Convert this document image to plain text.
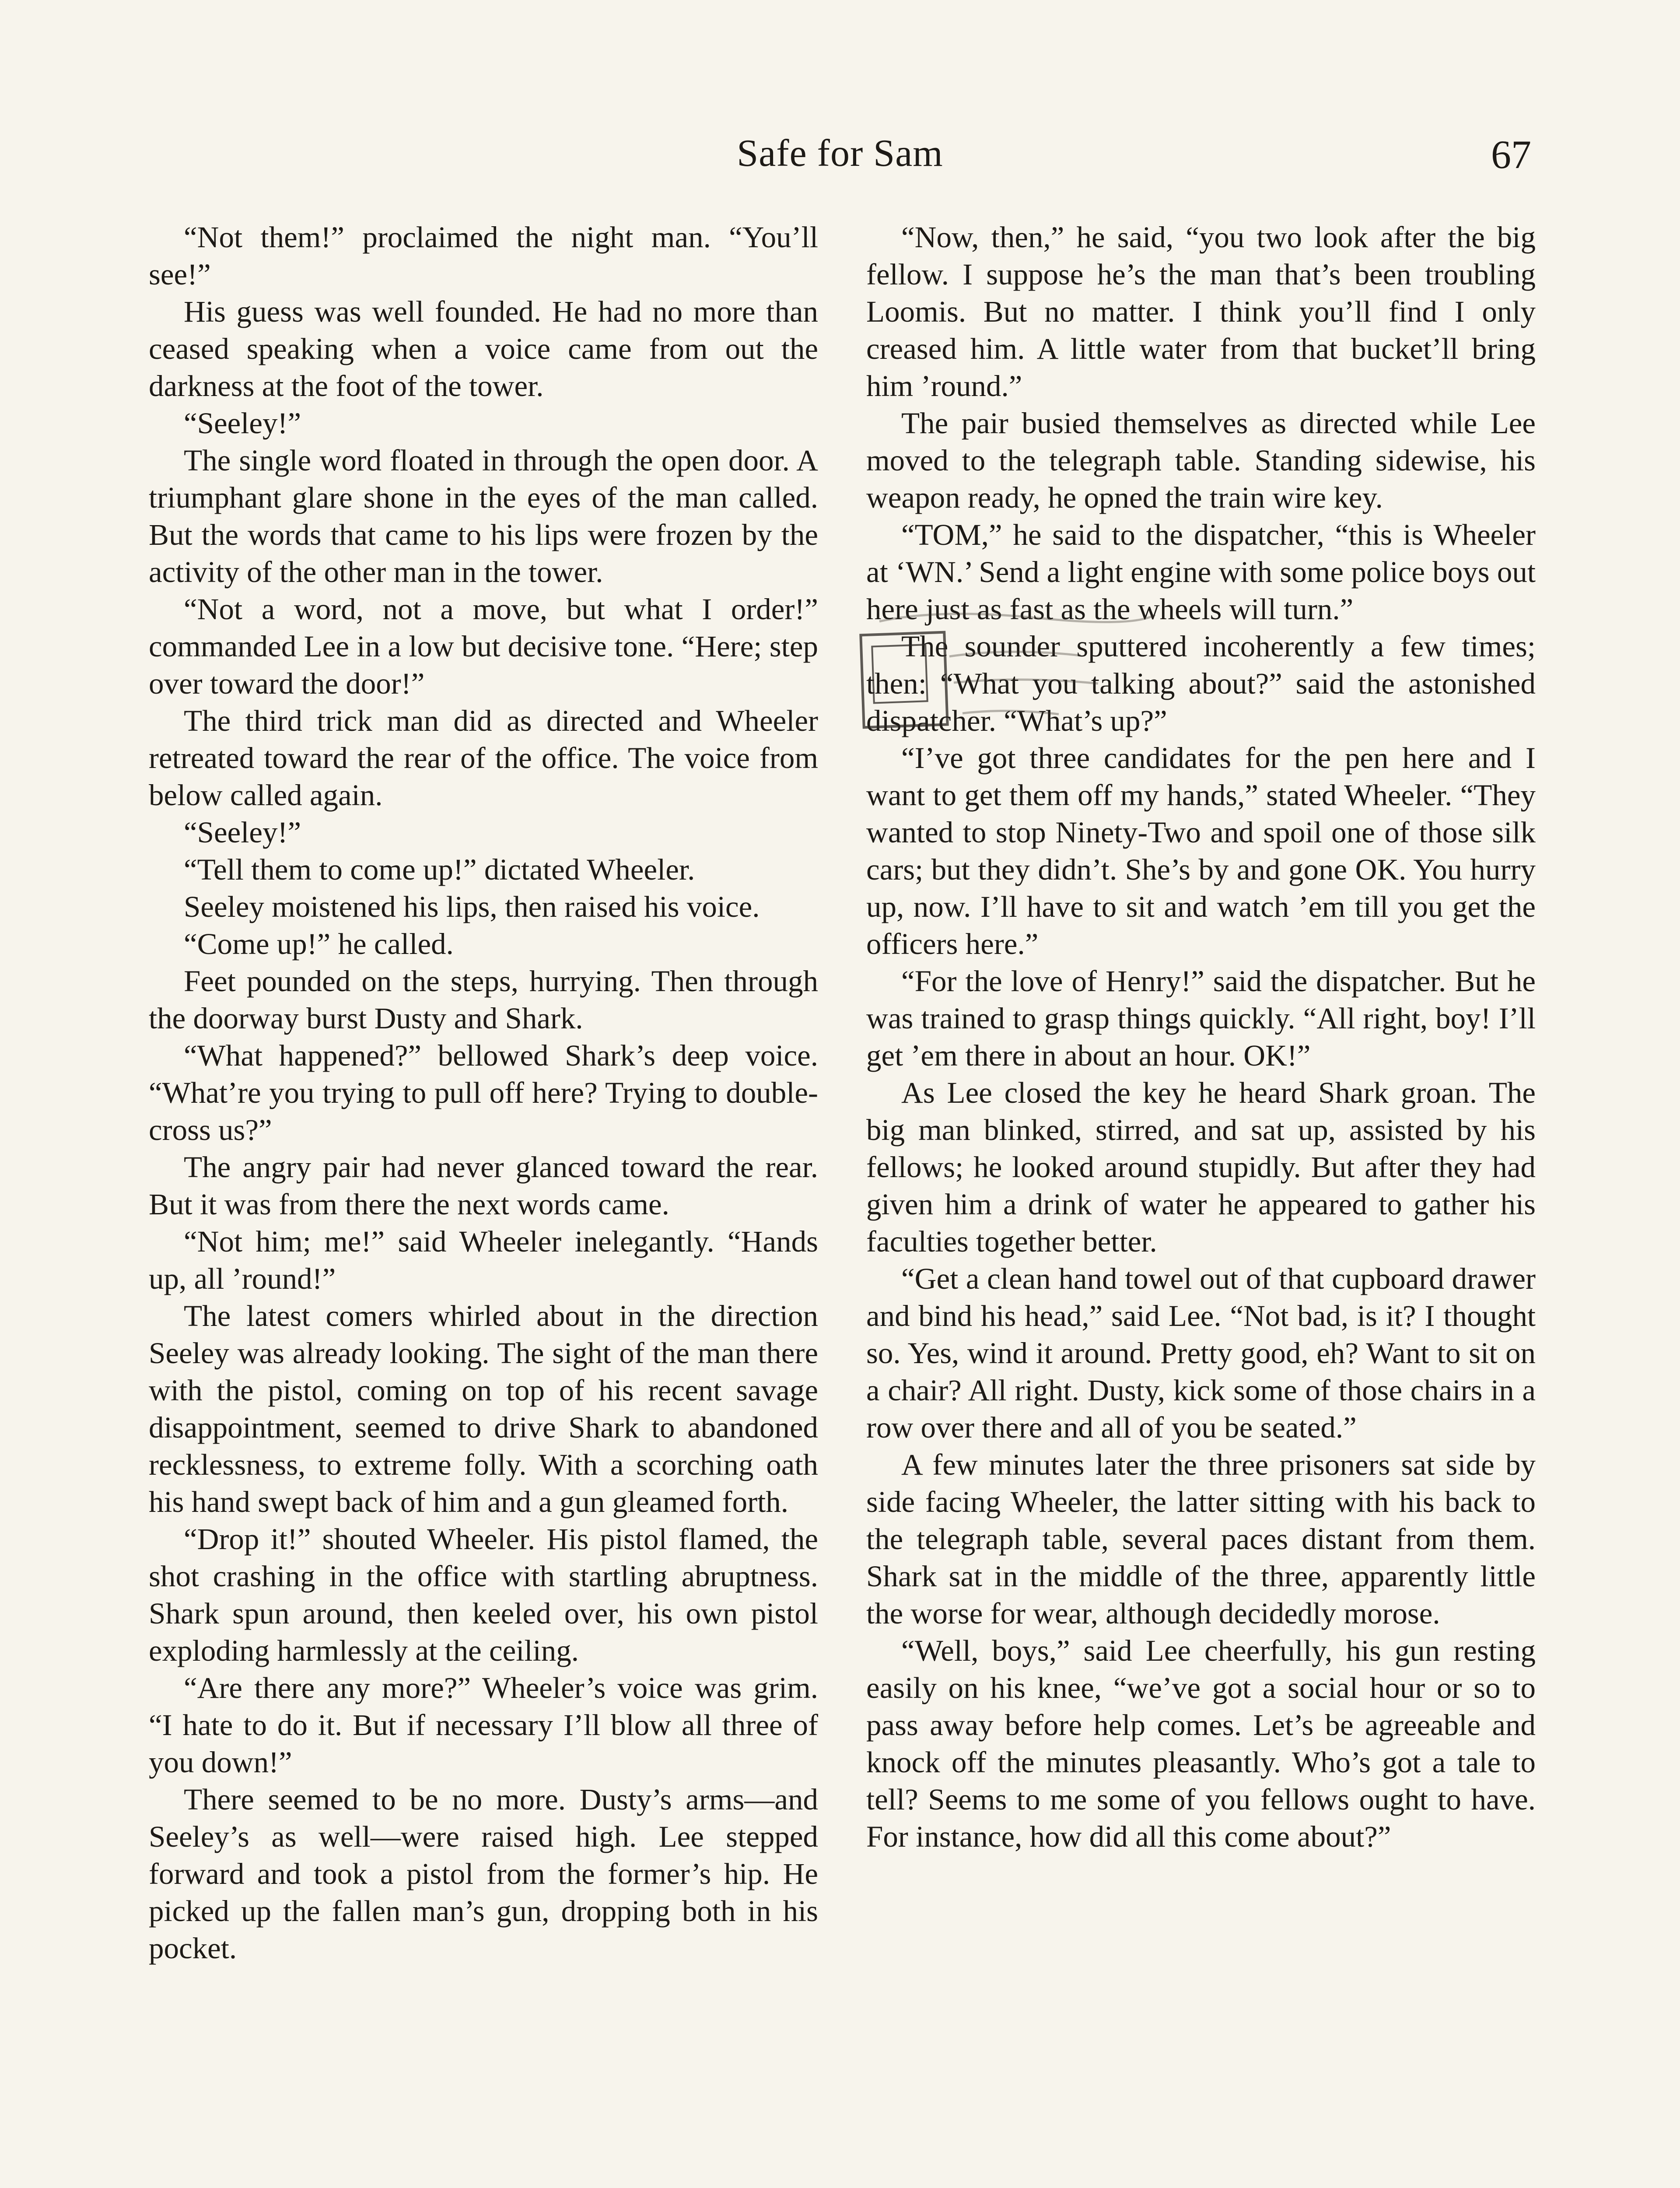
Safe for Sam	67

“Not them!” proclaimed the night man. “You’ll see!”

His guess was well founded. He had no more than ceased speaking when a voice came from out the darkness at the foot of the tower.

“Seeley!”

The single word floated in through the open door. A triumphant glare shone in the eyes of the man called. But the words that came to his lips were frozen by the activity of the other man in the tower.

“Not a word, not a move, but what I order!” commanded Lee in a low but decisive tone. “Here; step over toward the door!”

The third trick man did as directed and Wheeler retreated toward the rear of the office. The voice from below called again.

“Seeley!”

“Tell them to come up!” dictated Wheeler.

Seeley moistened his lips, then raised his voice.

“Come up!” he called.

Feet pounded on the steps, hurrying. Then through the doorway burst Dusty and Shark.

“What happened?” bellowed Shark’s deep voice. “What’re you trying to pull off here? Trying to double-cross us?”

The angry pair had never glanced toward the rear. But it was from there the next words came.

“Not him; me!” said Wheeler inelegantly. “Hands up, all ’round!”

The latest comers whirled about in the direction Seeley was already looking. The sight of the man there with the pistol, coming on top of his recent savage disappointment, seemed to drive Shark to abandoned recklessness, to extreme folly. With a scorching oath his hand swept back of him and a gun gleamed forth.

“Drop it!” shouted Wheeler. His pistol flamed, the shot crashing in the office with startling abruptness. Shark spun around, then keeled over, his own pistol exploding harmlessly at the ceiling.

“Are there any more?” Wheeler’s voice was grim. “I hate to do it. But if necessary I’ll blow all three of you down!”

There seemed to be no more. Dusty’s arms—and Seeley’s as well—were raised high. Lee stepped forward and took a pistol from the former’s hip. He picked up the fallen man’s gun, dropping both in his pocket.

“Now, then,” he said, “you two look after the big fellow. I suppose he’s the man that’s been troubling Loomis. But no matter. I think you’ll find I only creased him. A little water from that bucket’ll bring him ’round.”

The pair busied themselves as directed while Lee moved to the telegraph table. Standing sidewise, his weapon ready, he opned the train wire key.

“TOM,” he said to the dispatcher, “this is Wheeler at ‘WN.’ Send a light engine with some police boys out here just as fast as the wheels will turn.”

The sounder sputtered incoherently a few times; then: “What you talking about?” said the astonished dispatcher. “What’s up?”

“I’ve got three candidates for the pen here and I want to get them off my hands,” stated Wheeler. “They wanted to stop Ninety-Two and spoil one of those silk cars; but they didn’t. She’s by and gone OK. You hurry up, now. I’ll have to sit and watch ’em till you get the officers here.”

“For the love of Henry!” said the dispatcher. But he was trained to grasp things quickly. “All right, boy! I’ll get ’em there in about an hour. OK!”

As Lee closed the key he heard Shark groan. The big man blinked, stirred, and sat up, assisted by his fellows; he looked around stupidly. But after they had given him a drink of water he appeared to gather his faculties together better.

“Get a clean hand towel out of that cupboard drawer and bind his head,” said Lee. “Not bad, is it? I thought so. Yes, wind it around. Pretty good, eh? Want to sit on a chair? All right. Dusty, kick some of those chairs in a row over there and all of you be seated.”

A few minutes later the three prisoners sat side by side facing Wheeler, the latter sitting with his back to the telegraph table, several paces distant from them. Shark sat in the middle of the three, apparently little the worse for wear, although decidedly morose.

“Well, boys,” said Lee cheerfully, his gun resting easily on his knee, “we’ve got a social hour or so to pass away before help comes. Let’s be agreeable and knock off the minutes pleasantly. Who’s got a tale to tell? Seems to me some of you fellows ought to have. For instance, how did all this come about?”
